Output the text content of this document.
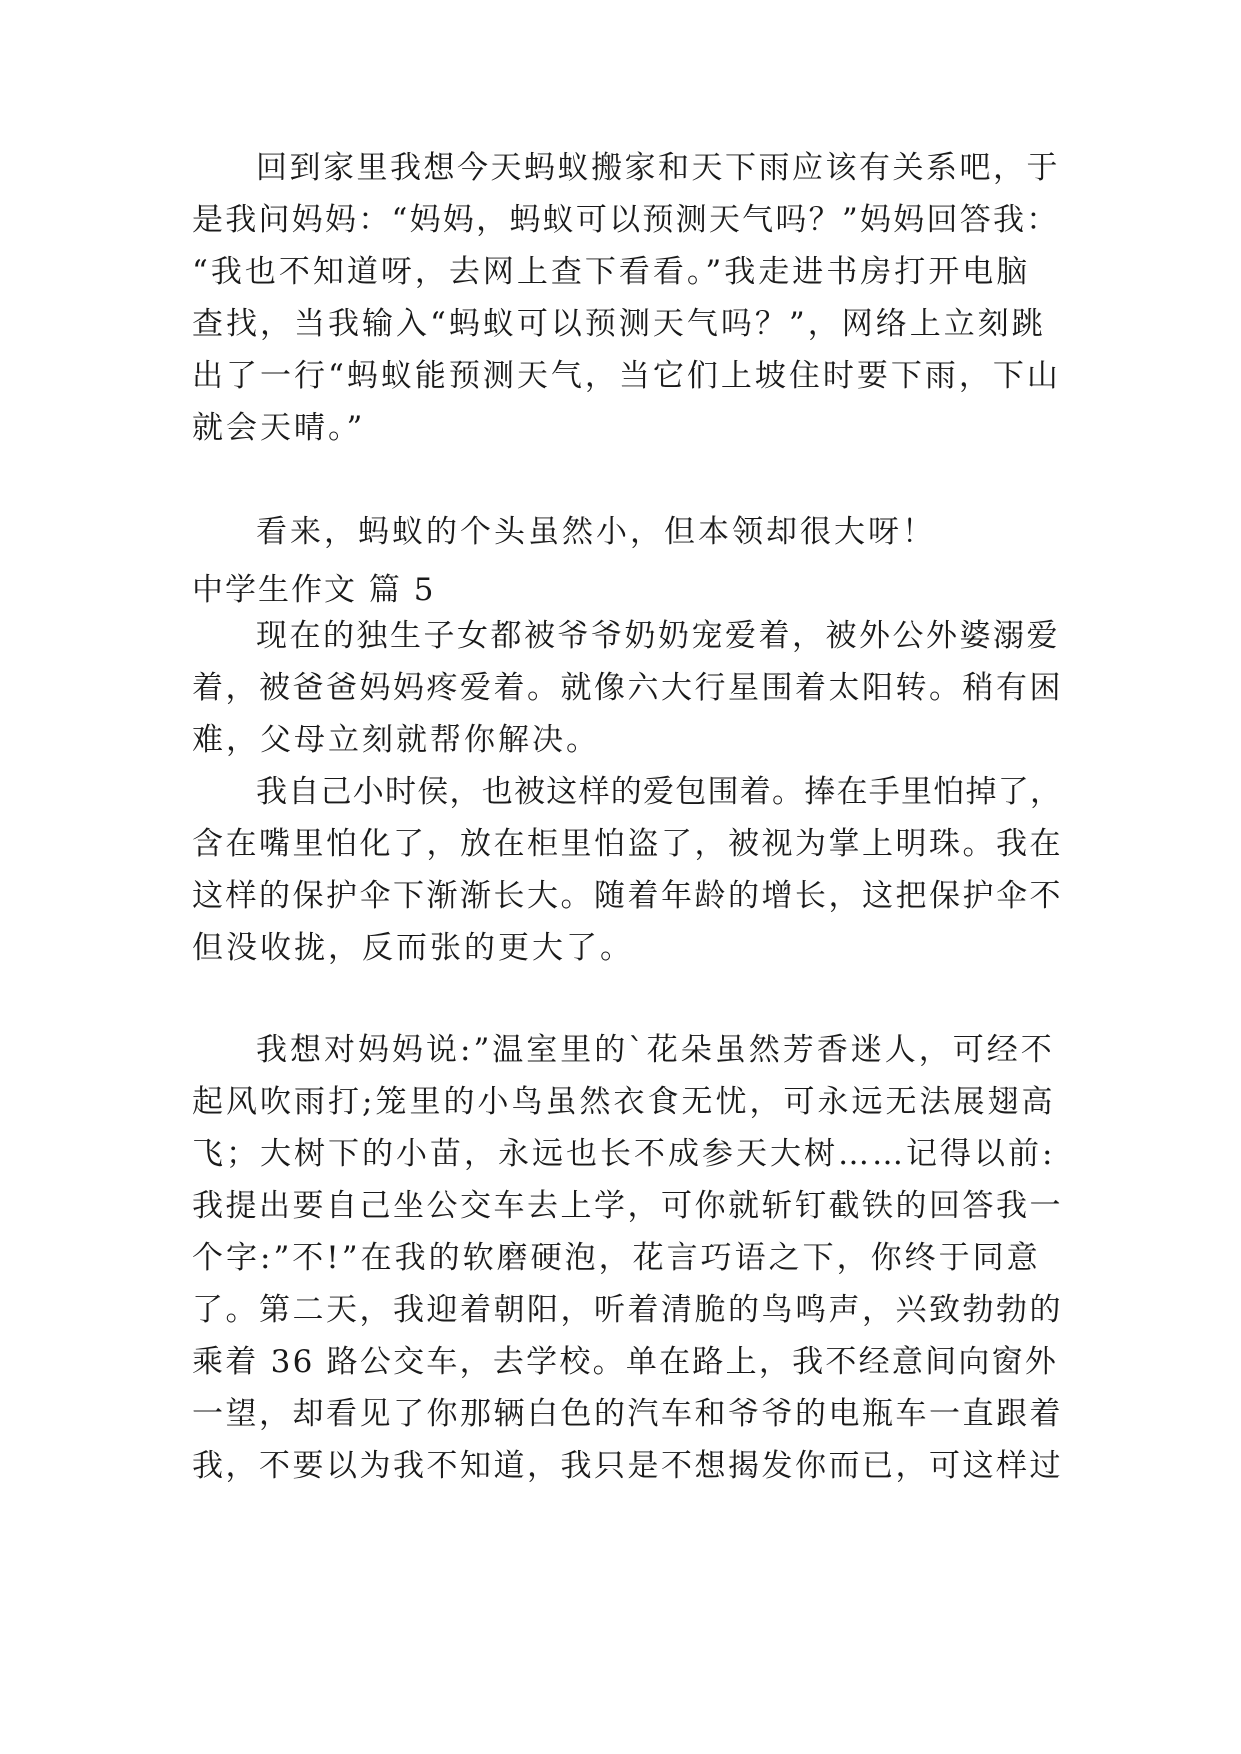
回到家里我想今天蚂蚁搬家和天下雨应该有关系吧，于
是我问妈妈：“妈妈，蚂蚁可以预测天气吗？”妈妈回答我：
“我也不知道呀，去网上查下看看。”我走进书房打开电脑
查找，当我输入“蚂蚁可以预测天气吗？”，网络上立刻跳
出了一行“蚂蚁能预测天气，当它们上坡住时要下雨，下山
就会天晴。”
看来，蚂蚁的个头虽然小，但本领却很大呀！
中学生作文 篇 5
现在的独生子女都被爷爷奶奶宠爱着，被外公外婆溺爱
着，被爸爸妈妈疼爱着。就像六大行星围着太阳转。稍有困
难，父母立刻就帮你解决。
我自己小时侯，也被这样的爱包围着。捧在手里怕掉了，
含在嘴里怕化了，放在柜里怕盗了，被视为掌上明珠。我在
这样的保护伞下渐渐长大。随着年龄的增长，这把保护伞不
但没收拢，反而张的更大了。
我想对妈妈说:”温室里的`花朵虽然芳香迷人，可经不
起风吹雨打;笼里的小鸟虽然衣食无忧，可永远无法展翅高
飞；大树下的小苗，永远也长不成参天大树……记得以前:
我提出要自己坐公交车去上学，可你就斩钉截铁的回答我一
个字:”不!”在我的软磨硬泡，花言巧语之下，你终于同意
了。第二天，我迎着朝阳，听着清脆的鸟鸣声，兴致勃勃的
乘着 36 路公交车，去学校。单在路上，我不经意间向窗外
一望，却看见了你那辆白色的汽车和爷爷的电瓶车一直跟着
我，不要以为我不知道，我只是不想揭发你而已，可这样过
